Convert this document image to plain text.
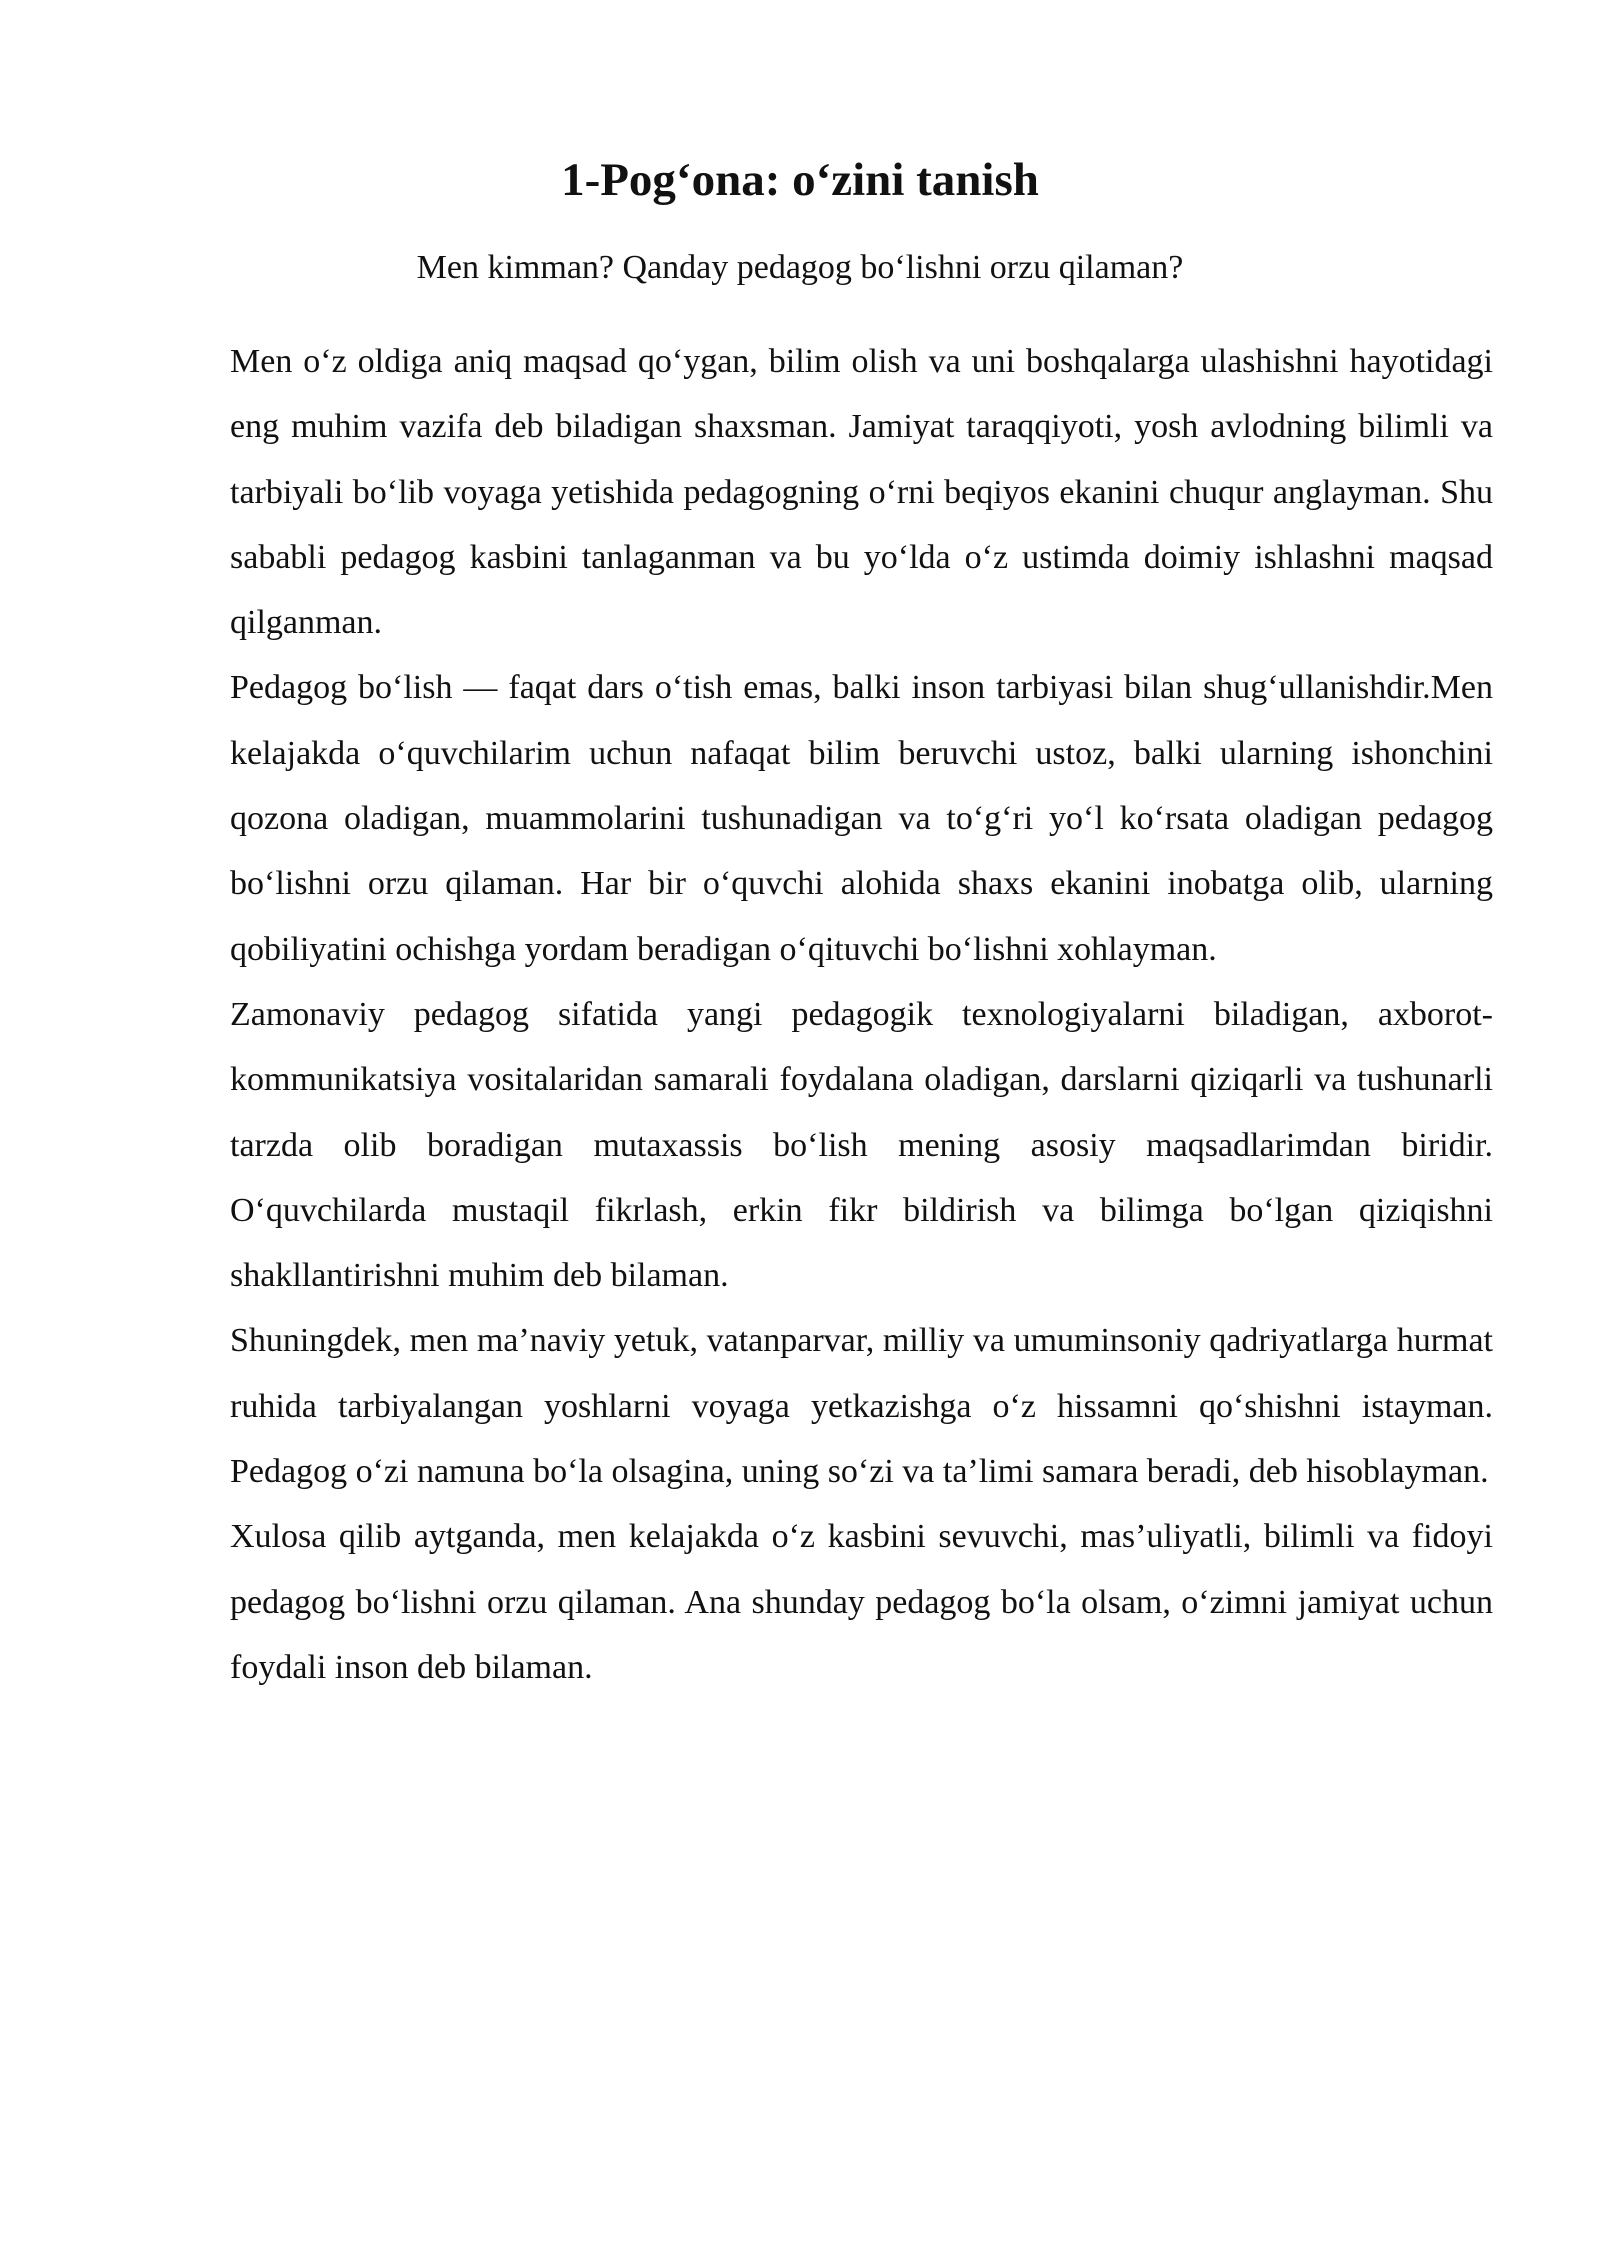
1-Pog‘ona: o‘zini tanish
Men kimman? Qanday pedagog bo‘lishni orzu qilaman?

Men o‘z oldiga aniq maqsad qo‘ygan, bilim olish va uni boshqalarga ulashishni hayotidagi eng muhim vazifa deb biladigan shaxsman. Jamiyat taraqqiyoti, yosh avlodning bilimli va tarbiyali bo‘lib voyaga yetishida pedagogning o‘rni beqiyos ekanini chuqur anglayman. Shu sababli pedagog kasbini tanlaganman va bu yo‘lda o‘z ustimda doimiy ishlashni maqsad qilganman.

Pedagog bo‘lish — faqat dars o‘tish emas, balki inson tarbiyasi bilan shug‘ullanishdir.Men kelajakda o‘quvchilarim uchun nafaqat bilim beruvchi ustoz, balki ularning ishonchini qozona oladigan, muammolarini tushunadigan va to‘g‘ri yo‘l ko‘rsata oladigan pedagog bo‘lishni orzu qilaman. Har bir o‘quvchi alohida shaxs ekanini inobatga olib, ularning qobiliyatini ochishga yordam beradigan o‘qituvchi bo‘lishni xohlayman.

Zamonaviy pedagog sifatida yangi pedagogik texnologiyalarni biladigan, axborot-kommunikatsiya vositalaridan samarali foydalana oladigan, darslarni qiziqarli va tushunarli tarzda olib boradigan mutaxassis bo‘lish mening asosiy maqsadlarimdan biridir. O‘quvchilarda mustaqil fikrlash, erkin fikr bildirish va bilimga bo‘lgan qiziqishni shakllantirishni muhim deb bilaman.

Shuningdek, men ma’naviy yetuk, vatanparvar, milliy va umuminsoniy qadriyatlarga hurmat ruhida tarbiyalangan yoshlarni voyaga yetkazishga o‘z hissamni qo‘shishni istayman. Pedagog o‘zi namuna bo‘la olsagina, uning so‘zi va ta’limi samara beradi, deb hisoblayman.

Xulosa qilib aytganda, men kelajakda o‘z kasbini sevuvchi, mas’uliyatli, bilimli va fidoyi pedagog bo‘lishni orzu qilaman. Ana shunday pedagog bo‘la olsam, o‘zimni jamiyat uchun foydali inson deb bilaman.
